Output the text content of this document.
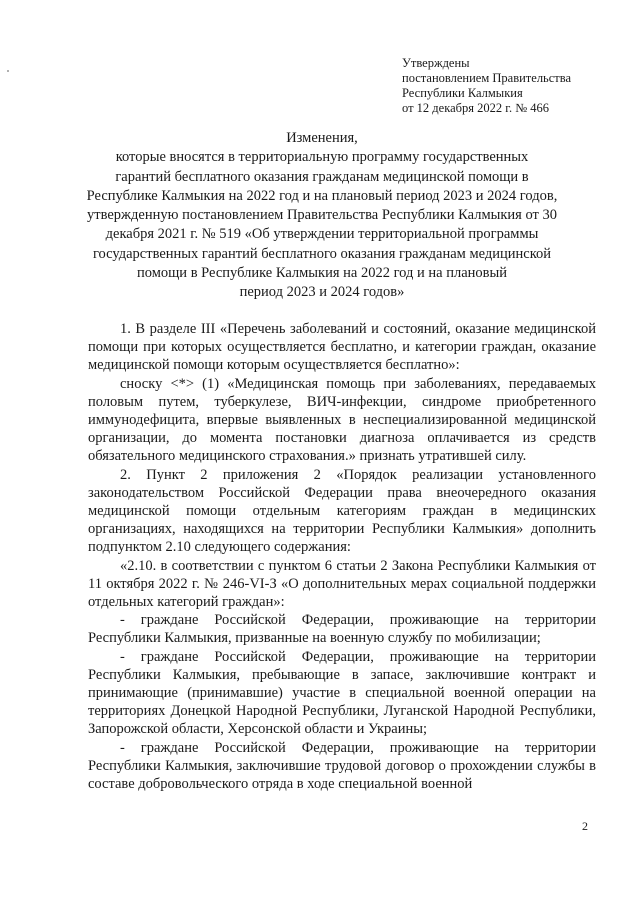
Утверждены
постановлением Правительства
Республики Калмыкия
от 12 декабря 2022 г. № 466
Изменения,
которые вносятся в территориальную программу государственных
гарантий бесплатного оказания гражданам медицинской помощи в
Республике Калмыкия на 2022 год и на плановый период 2023 и 2024 годов,
утвержденную постановлением Правительства Республики Калмыкия от 30
декабря 2021 г. № 519 «Об утверждении территориальной программы
государственных гарантий бесплатного оказания гражданам медицинской
помощи в Республике Калмыкия на 2022 год и на плановый
период 2023 и 2024 годов»

1. В разделе III «Перечень заболеваний и состояний, оказание медицинской помощи при которых осуществляется бесплатно, и категории граждан, оказание медицинской помощи которым осуществляется бесплатно»:

сноску <*> (1) «Медицинская помощь при заболеваниях, передаваемых половым путем, туберкулезе, ВИЧ-инфекции, синдроме приобретенного иммунодефицита, впервые выявленных в неспециализированной медицинской организации, до момента постановки диагноза оплачивается из средств обязательного медицинского страхования.» признать утратившей силу.

2. Пункт 2 приложения 2 «Порядок реализации установленного законодательством Российской Федерации права внеочередного оказания медицинской помощи отдельным категориям граждан в медицинских организациях, находящихся на территории Республики Калмыкия» дополнить подпунктом 2.10 следующего содержания:

«2.10. в соответствии с пунктом 6 статьи 2 Закона Республики Калмыкия от 11 октября 2022 г. № 246-VI-З «О дополнительных мерах социальной поддержки отдельных категорий граждан»:

- граждане Российской Федерации, проживающие на территории Республики Калмыкия, призванные на военную службу по мобилизации;

- граждане Российской Федерации, проживающие на территории Республики Калмыкия, пребывающие в запасе, заключившие контракт и принимающие (принимавшие) участие в специальной военной операции на территориях Донецкой Народной Республики, Луганской Народной Республики, Запорожской области, Херсонской области и Украины;

- граждане Российской Федерации, проживающие на территории Республики Калмыкия, заключившие трудовой договор о прохождении службы в составе добровольческого отряда в ходе специальной военной

2
